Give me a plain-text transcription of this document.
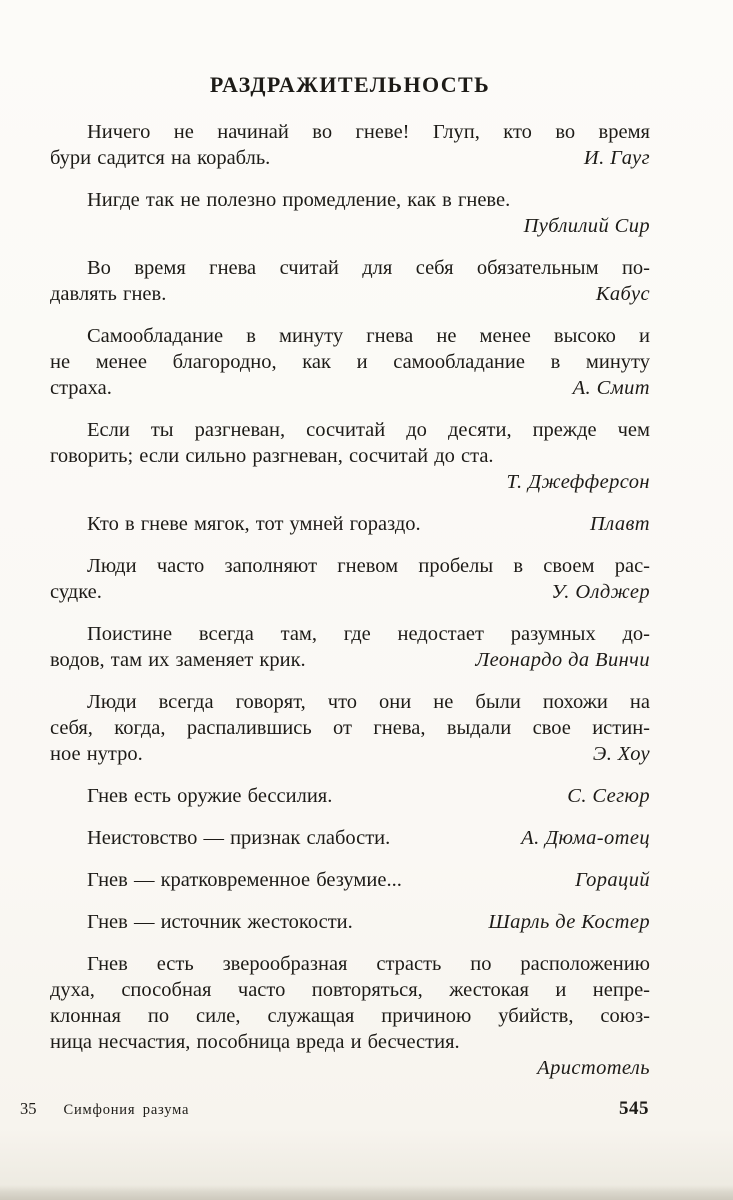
РАЗДРАЖИТЕЛЬНОСТЬ
Ничего не начинай во гневе! Глуп, кто во время
бури садится на корабль.	И. Гауг
Нигде так не полезно промедление, как в гневе.
Публилий Сир
Во время гнева считай для себя обязательным по-
давлять гнев.	Кабус
Самообладание в минуту гнева не менее высоко и
не менее благородно, как и самообладание в минуту
страха.	А. Смит
Если ты разгневан, сосчитай до десяти, прежде чем
говорить; если сильно разгневан, сосчитай до ста.
Т. Джефферсон
Кто в гневе мягок, тот умней гораздо.	Плавт
Люди часто заполняют гневом пробелы в своем рас-
судке.	У. Олджер
Поистине всегда там, где недостает разумных до-
водов, там их заменяет крик.	Леонардо да Винчи
Люди всегда говорят, что они не были похожи на
себя, когда, распалившись от гнева, выдали свое истин-
ное нутро.	Э. Хоу
Гнев есть оружие бессилия.	С. Сегюр
Неистовство — признак слабости.	А. Дюма-отец
Гнев — кратковременное безумие...	Гораций
Гнев — источник жестокости.	Шарль де Костер
Гнев есть зверообразная страсть по расположению
духа, способная часто повторяться, жестокая и непре-
клонная по силе, служащая причиною убийств, союз-
ница несчастия, пособница вреда и бесчестия.
Аристотель
35 Симфония разума	545
